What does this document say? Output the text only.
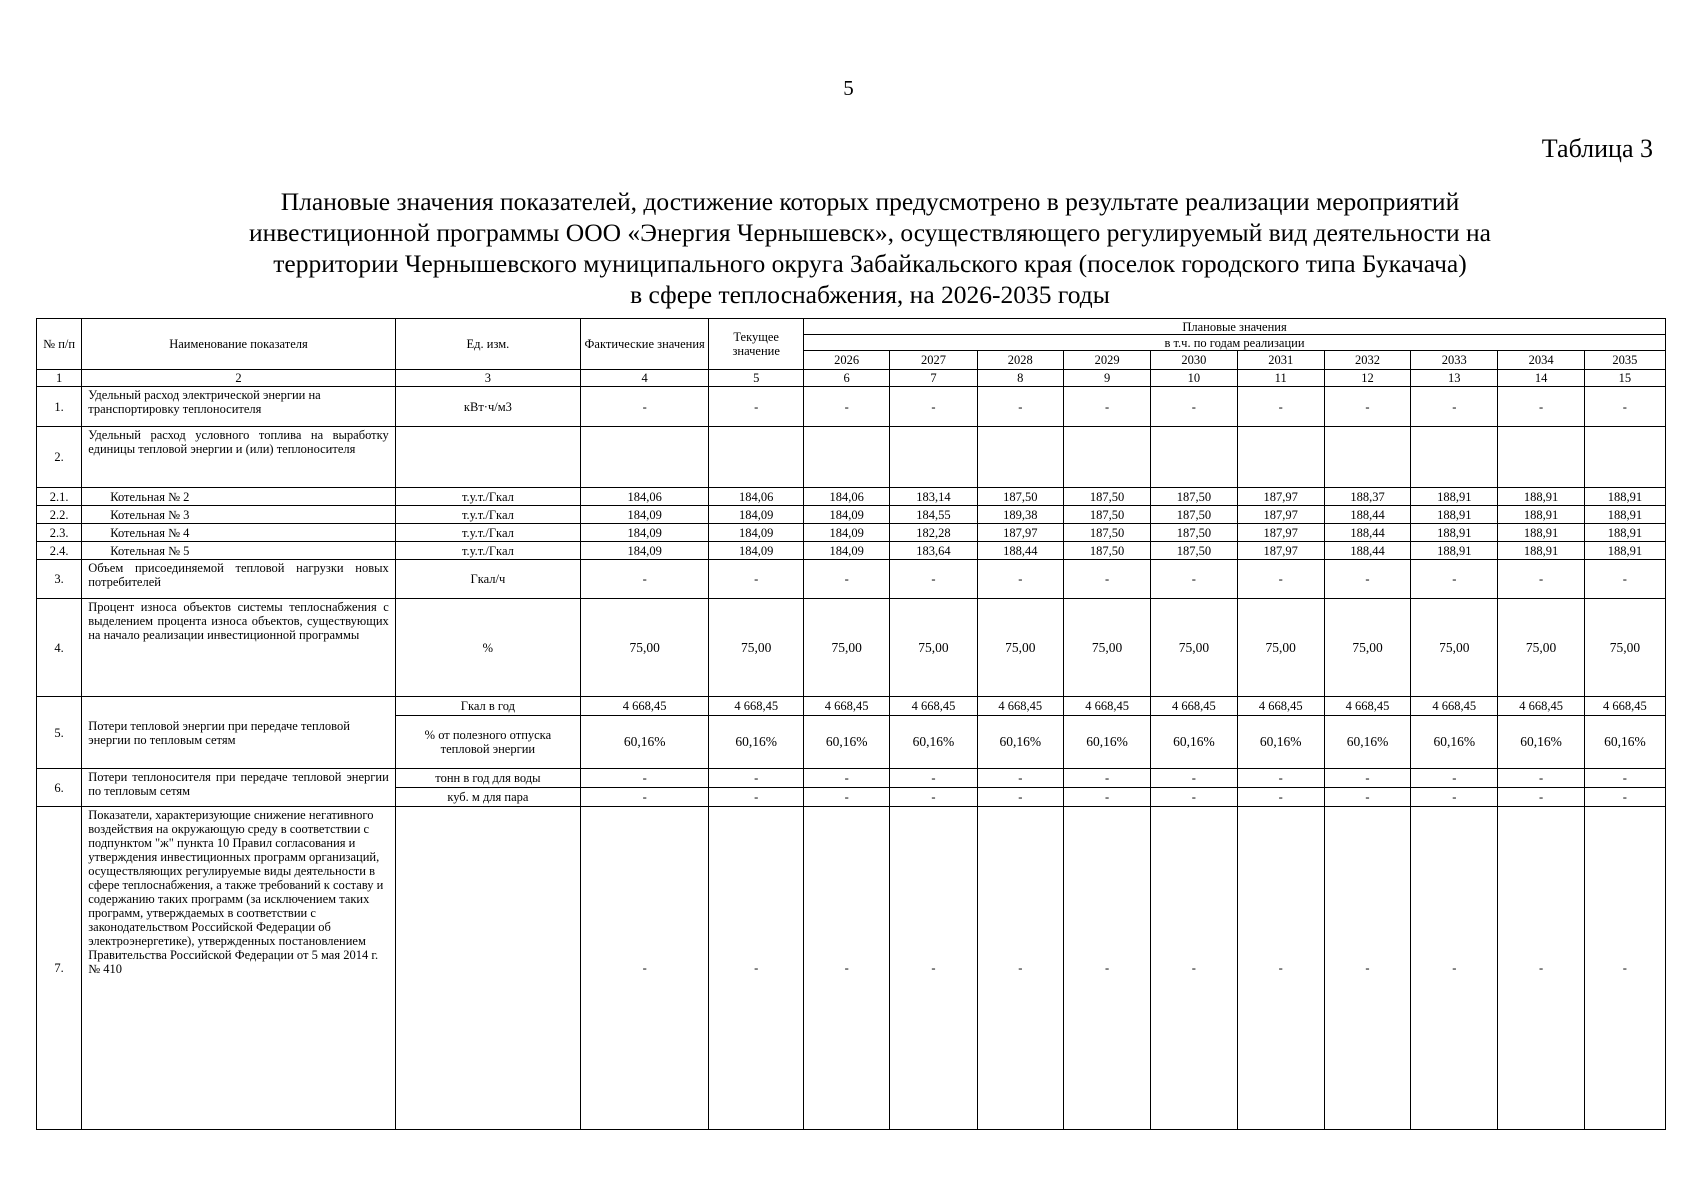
5
Таблица 3
Плановые значения показателей, достижение которых предусмотрено в результате реализации мероприятий
инвестиционной программы ООО «Энергия Чернышевск», осуществляющего регулируемый вид деятельности на
территории Чернышевского муниципального округа Забайкальского края (поселок городского типа Букачача)
в сфере теплоснабжения, на 2026-2035 годы
№ п/п	Наименование показателя	Ед. изм.	Фактические значения	Текущее значение	Плановые значения									
					в т.ч. по годам реализации									
					2026	2027	2028	2029	2030	2031	2032	2033	2034	2035
1	2	3	4	5	6	7	8	9	10	11	12	13	14	15
1.	Удельный расход электрической энергии на транспортировку теплоносителя	кВт·ч/м3	-	-	-	-	-	-	-	-	-	-	-	-
2.	Удельный расход условного топлива на выработку единицы тепловой энергии и (или) теплоносителя													
2.1.	Котельная № 2	т.у.т./Гкал	184,06	184,06	184,06	183,14	187,50	187,50	187,50	187,97	188,37	188,91	188,91	188,91
2.2.	Котельная № 3	т.у.т./Гкал	184,09	184,09	184,09	184,55	189,38	187,50	187,50	187,97	188,44	188,91	188,91	188,91
2.3.	Котельная № 4	т.у.т./Гкал	184,09	184,09	184,09	182,28	187,97	187,50	187,50	187,97	188,44	188,91	188,91	188,91
2.4.	Котельная № 5	т.у.т./Гкал	184,09	184,09	184,09	183,64	188,44	187,50	187,50	187,97	188,44	188,91	188,91	188,91
3.	Объем присоединяемой тепловой нагрузки новых потребителей	Гкал/ч	-	-	-	-	-	-	-	-	-	-	-	-
4.	Процент износа объектов системы теплоснабжения с выделением процента износа объектов, существующих на начало реализации инвестиционной программы	%	75,00	75,00	75,00	75,00	75,00	75,00	75,00	75,00	75,00	75,00	75,00	75,00
5.	Потери тепловой энергии при передаче тепловой энергии по тепловым сетям	Гкал в год	4 668,45	4 668,45	4 668,45	4 668,45	4 668,45	4 668,45	4 668,45	4 668,45	4 668,45	4 668,45	4 668,45	4 668,45
		% от полезного отпуска тепловой энергии	60,16%	60,16%	60,16%	60,16%	60,16%	60,16%	60,16%	60,16%	60,16%	60,16%	60,16%	60,16%
6.	Потери теплоносителя при передаче тепловой энергии по тепловым сетям	тонн в год для воды	-	-	-	-	-	-	-	-	-	-	-	-
		куб. м для пара	-	-	-	-	-	-	-	-	-	-	-	-
7.	Показатели, характеризующие снижение негативного воздействия на окружающую среду в соответствии с подпунктом "ж" пункта 10 Правил согласования и утверждения инвестиционных программ организаций, осуществляющих регулируемые виды деятельности в сфере теплоснабжения, а также требований к составу и содержанию таких программ (за исключением таких программ, утверждаемых в соответствии с законодательством Российской Федерации об электроэнергетике), утвержденных постановлением Правительства Российской Федерации от 5 мая 2014 г. № 410		-	-	-	-	-	-	-	-	-	-	-	-
